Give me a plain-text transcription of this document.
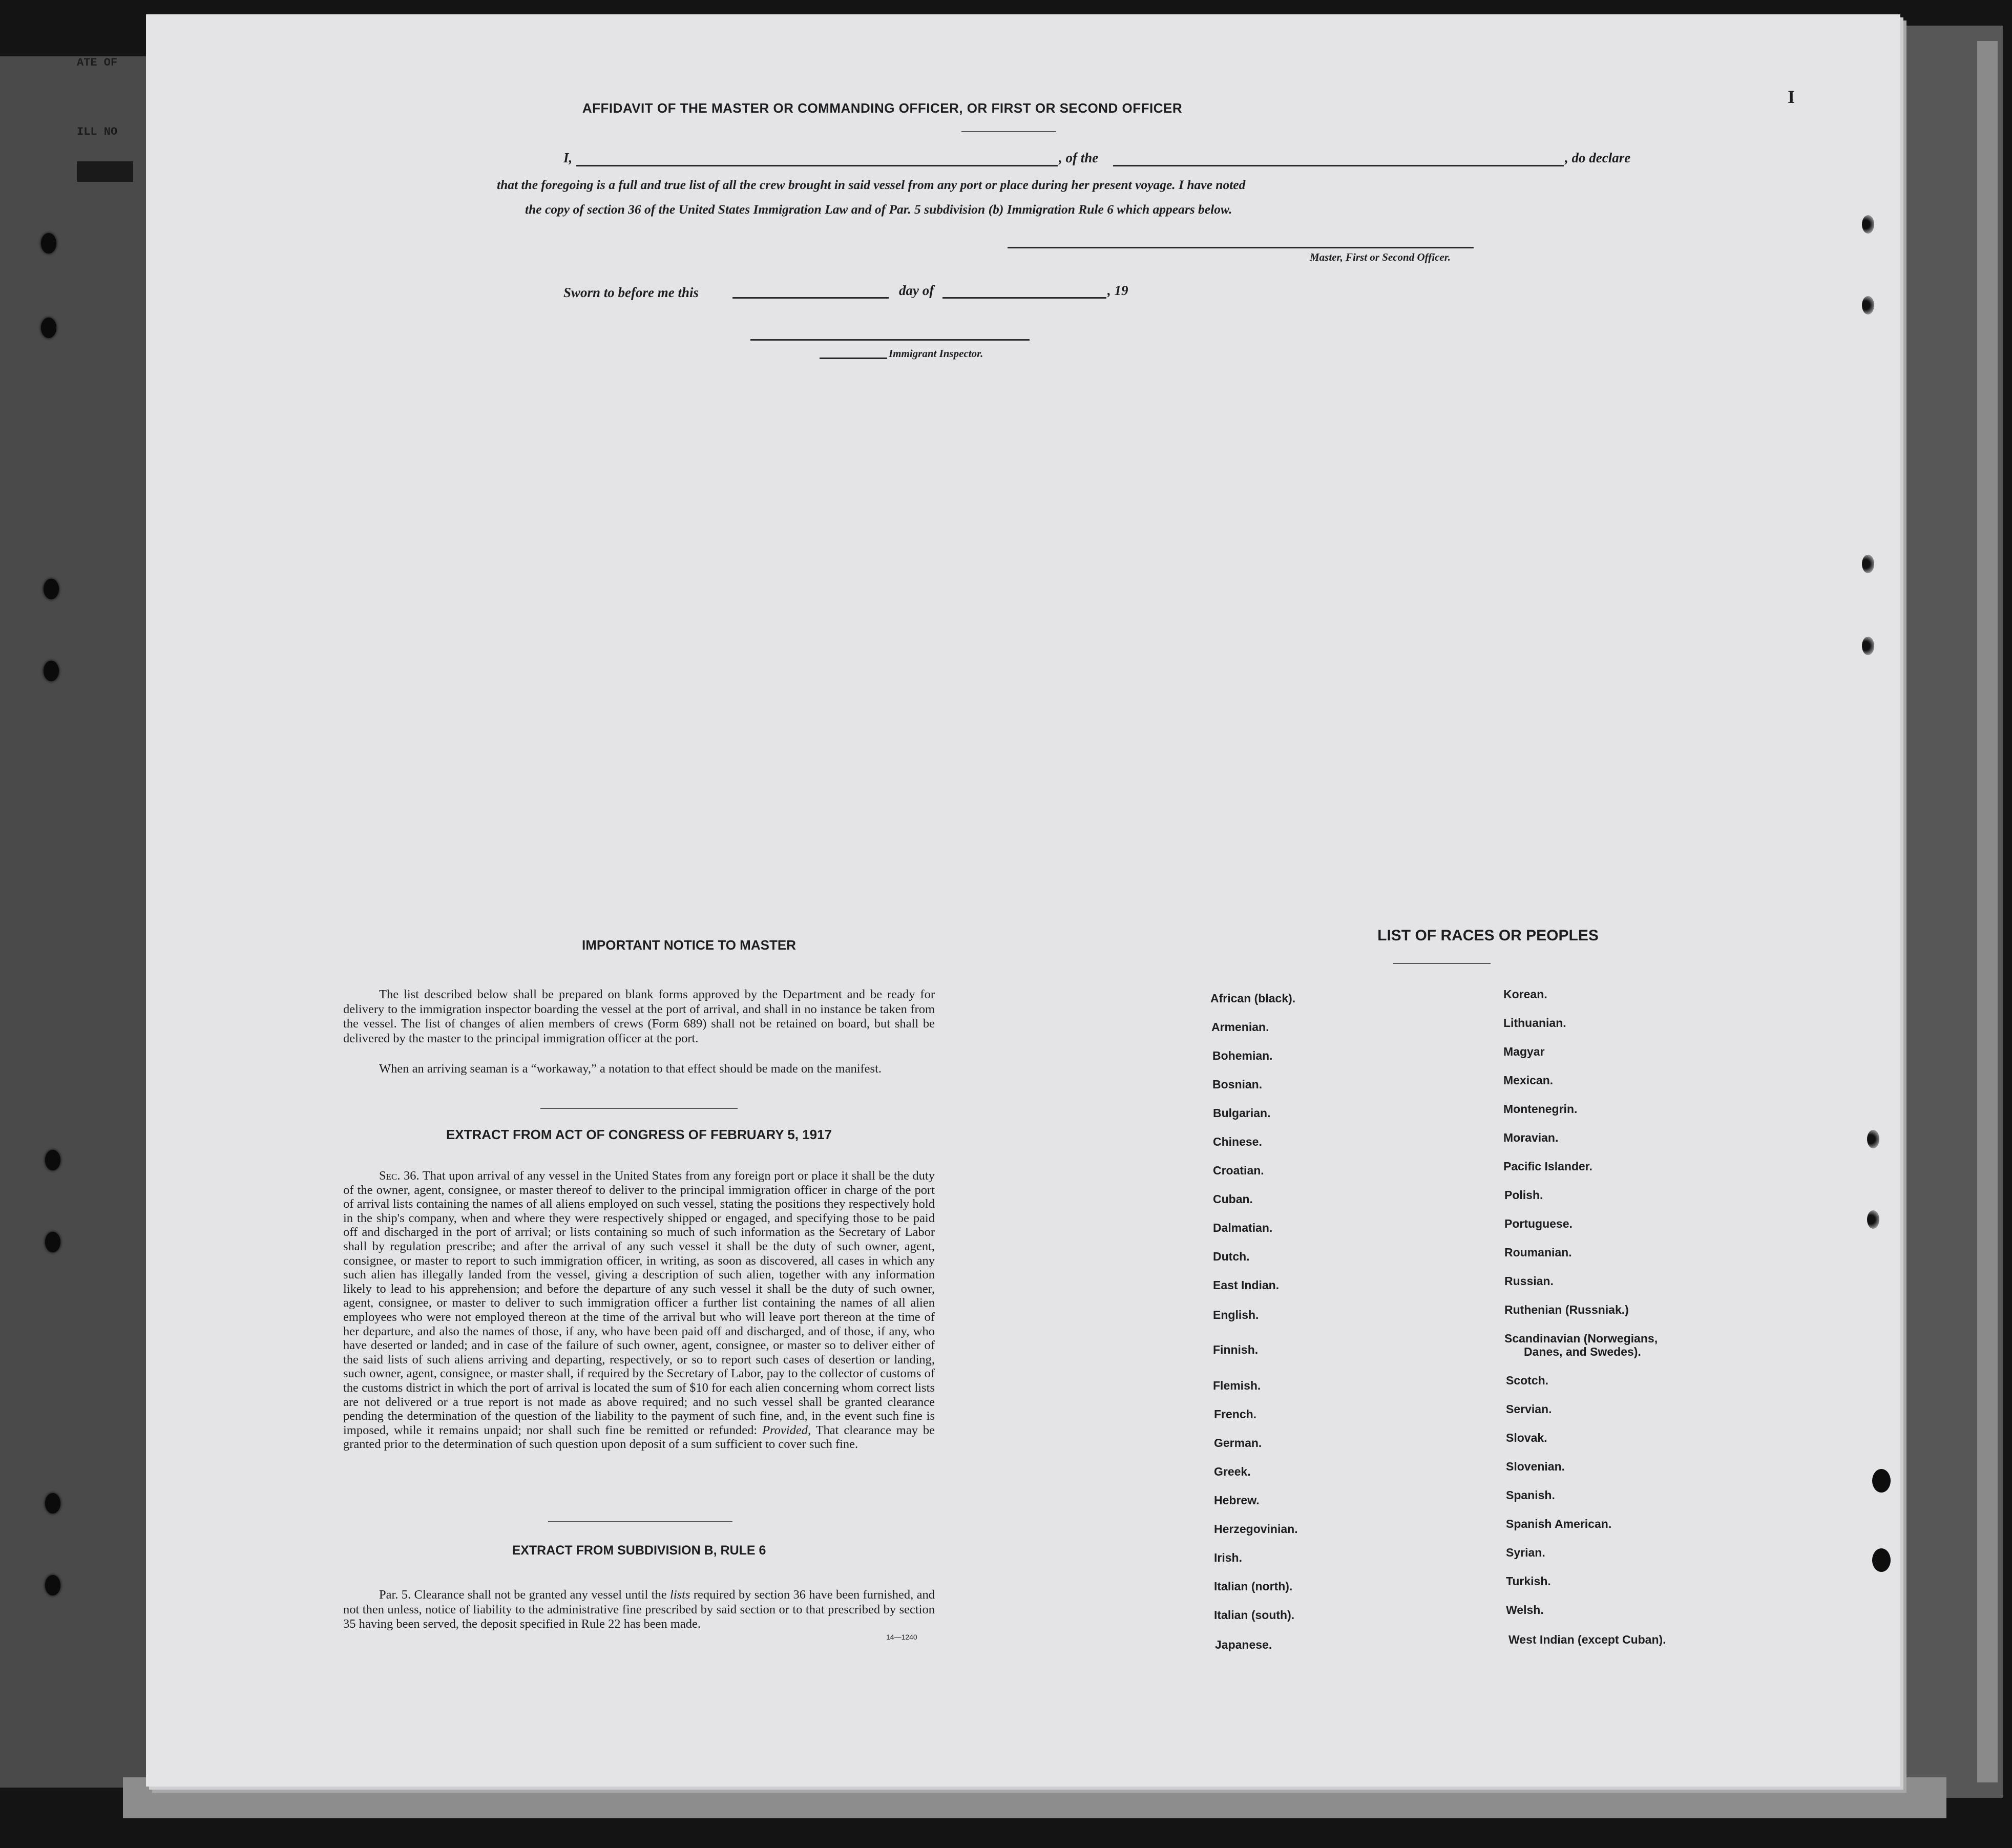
ATE OF
ILL NO
I
AFFIDAVIT OF THE MASTER OR COMMANDING OFFICER, OR FIRST OR SECOND OFFICER
I,	, of the	, do declare
that the foregoing is a full and true list of all the crew brought in said vessel from any port or place during her present voyage. I have noted
the copy of section 36 of the United States Immigration Law and of Par. 5 subdivision (b) Immigration Rule 6 which appears below.
Master, First or Second Officer.
Sworn to before me this	day of	, 19
Immigrant Inspector.
IMPORTANT NOTICE TO MASTER
The list described below shall be prepared on blank forms approved by the Department and be ready for delivery to the immigration inspector boarding the vessel at the port of arrival, and shall in no instance be taken from the vessel. The list of changes of alien members of crews (Form 689) shall not be retained on board, but shall be delivered by the master to the principal immigration officer at the port.
When an arriving seaman is a “workaway,” a notation to that effect should be made on the manifest.
EXTRACT FROM ACT OF CONGRESS OF FEBRUARY 5, 1917
Sec. 36. That upon arrival of any vessel in the United States from any foreign port or place it shall be the duty of the owner, agent, consignee, or master thereof to deliver to the principal immigration officer in charge of the port of arrival lists containing the names of all aliens employed on such vessel, stating the positions they respectively hold in the ship's company, when and where they were respectively shipped or engaged, and specifying those to be paid off and discharged in the port of arrival; or lists containing so much of such information as the Secretary of Labor shall by regulation prescribe; and after the arrival of any such vessel it shall be the duty of such owner, agent, consignee, or master to report to such immigration officer, in writing, as soon as discovered, all cases in which any such alien has illegally landed from the vessel, giving a description of such alien, together with any information likely to lead to his apprehension; and before the departure of any such vessel it shall be the duty of such owner, agent, consignee, or master to deliver to such immigration officer a further list containing the names of all alien employees who were not employed thereon at the time of the arrival but who will leave port thereon at the time of her departure, and also the names of those, if any, who have been paid off and discharged, and of those, if any, who have deserted or landed; and in case of the failure of such owner, agent, consignee, or master so to deliver either of the said lists of such aliens arriving and departing, respectively, or so to report such cases of desertion or landing, such owner, agent, consignee, or master shall, if required by the Secretary of Labor, pay to the collector of customs of the customs district in which the port of arrival is located the sum of $10 for each alien concerning whom correct lists are not delivered or a true report is not made as above required; and no such vessel shall be granted clearance pending the determination of the question of the liability to the payment of such fine, and, in the event such fine is imposed, while it remains unpaid; nor shall such fine be remitted or refunded: Provided, That clearance may be granted prior to the determination of such question upon deposit of a sum sufficient to cover such fine.
EXTRACT FROM SUBDIVISION B, RULE 6
Par. 5. Clearance shall not be granted any vessel until the lists required by section 36 have been furnished, and not then unless, notice of liability to the administrative fine prescribed by said section or to that prescribed by section 35 having been served, the deposit specified in Rule 22 has been made.
14—1240
LIST OF RACES OR PEOPLES
African (black).
Armenian.
Bohemian.
Bosnian.
Bulgarian.
Chinese.
Croatian.
Cuban.
Dalmatian.
Dutch.
East Indian.
English.
Finnish.
Flemish.
French.
German.
Greek.
Hebrew.
Herzegovinian.
Irish.
Italian (north).
Italian (south).
Japanese.
Korean.
Lithuanian.
Magyar
Mexican.
Montenegrin.
Moravian.
Pacific Islander.
Polish.
Portuguese.
Roumanian.
Russian.
Ruthenian (Russniak.)
Scandinavian (Norwegians,
Danes, and Swedes).
Scotch.
Servian.
Slovak.
Slovenian.
Spanish.
Spanish American.
Syrian.
Turkish.
Welsh.
West Indian (except Cuban).
